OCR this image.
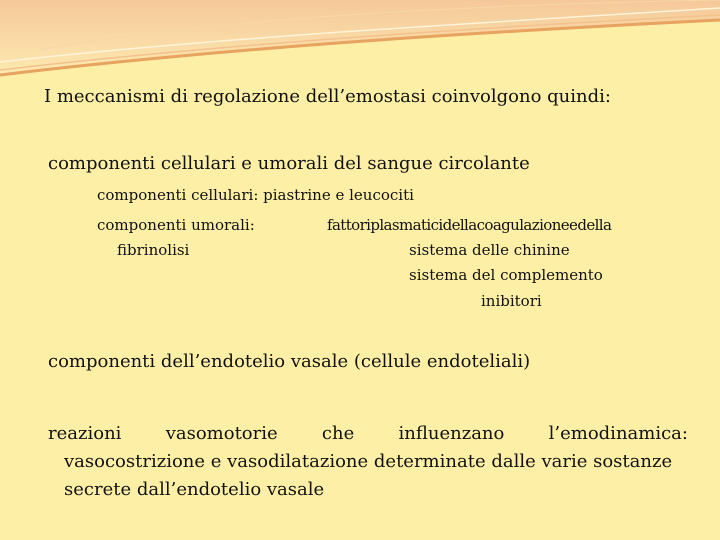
I meccanismi di regolazione dell’emostasi coinvolgono quindi:
componenti cellulari e umorali del sangue circolante
componenti cellulari: piastrine e leucociti
componenti umorali:	fattoriplasmaticidellacoagulazioneedella
fibrinolisi	sistema delle chinine
sistema del complemento
inibitori
componenti dell’endotelio vasale (cellule endoteliali)
reazioni vasomotorie che influenzano l’emodinamica:
vasocostrizione e vasodilatazione determinate dalle varie sostanze
secrete dall’endotelio vasale
